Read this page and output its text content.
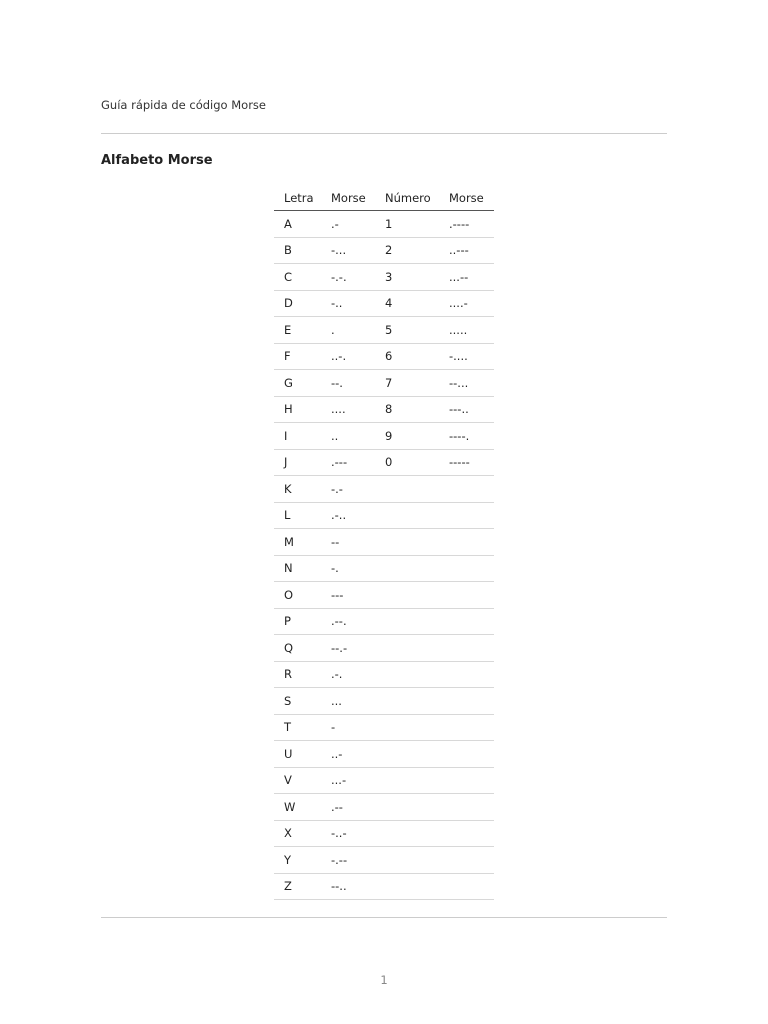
Guía rápida de código Morse
Alfabeto Morse
Letra	Morse	Número	Morse
A	.-	1	.----
B	-...	2	..---
C	-.-.	3	...--
D	-..	4	....-
E	.	5	.....
F	..-.	6	-....
G	--.	7	--...
H	....	8	---..
I	..	9	----.
J	.---	0	-----
K	-.-		
L	.-..		
M	--		
N	-.		
O	---		
P	.--.		
Q	--.-		
R	.-.		
S	...		
T	-		
U	..-		
V	...-		
W	.--		
X	-..-		
Y	-.--		
Z	--..		
1
